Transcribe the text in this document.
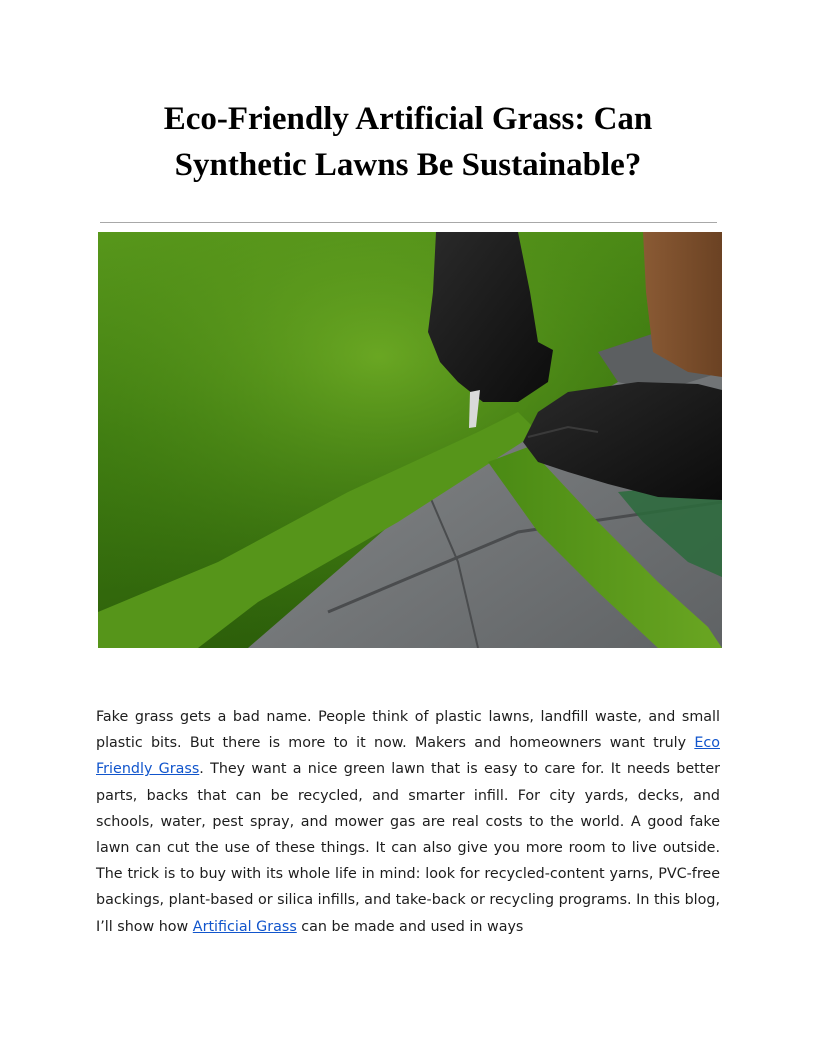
Eco-Friendly Artificial Grass: Can
Synthetic Lawns Be Sustainable?

Fake grass gets a bad name. People think of plastic lawns, landfill waste, and small plastic bits. But there is more to it now. Makers and homeowners want truly Eco Friendly Grass. They want a nice green lawn that is easy to care for. It needs better parts, backs that can be recycled, and smarter infill. For city yards, decks, and schools, water, pest spray, and mower gas are real costs to the world. A good fake lawn can cut the use of these things. It can also give you more room to live outside. The trick is to buy with its whole life in mind: look for recycled-content yarns, PVC-free backings, plant-based or silica infills, and take-back or recycling programs. In this blog, I’ll show how Artificial Grass can be made and used in ways
